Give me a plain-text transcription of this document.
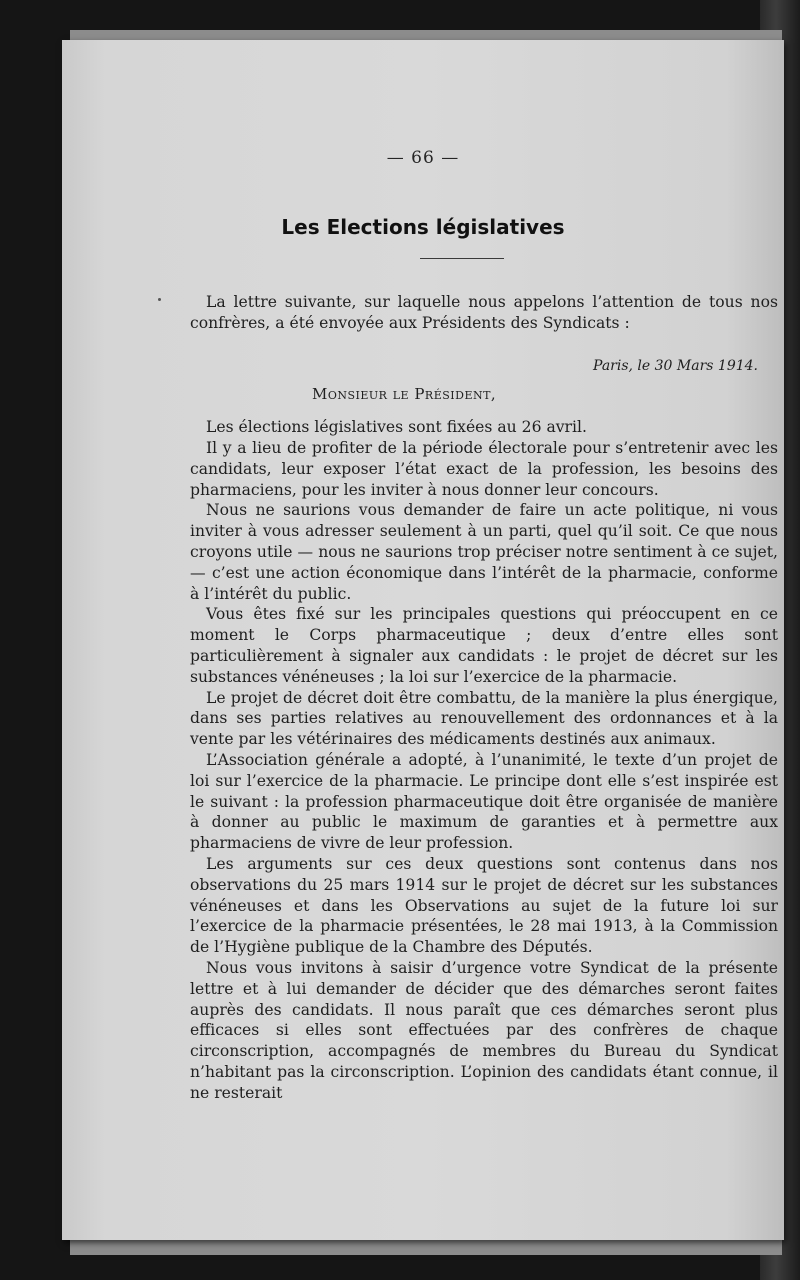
— 66 —
Les Elections législatives

La lettre suivante, sur laquelle nous appelons l’attention de tous nos confrères, a été envoyée aux Présidents des Syndicats :

Paris, le 30 Mars 1914.

Monsieur le Président,

Les élections législatives sont fixées au 26 avril.

Il y a lieu de profiter de la période électorale pour s’entretenir avec les candidats, leur exposer l’état exact de la profession, les besoins des pharmaciens, pour les inviter à nous donner leur concours.

Nous ne saurions vous demander de faire un acte politique, ni vous inviter à vous adresser seulement à un parti, quel qu’il soit. Ce que nous croyons utile — nous ne saurions trop préciser notre sentiment à ce sujet, — c’est une action économique dans l’intérêt de la pharmacie, conforme à l’intérêt du public.

Vous êtes fixé sur les principales questions qui préoccupent en ce moment le Corps pharmaceutique ; deux d’entre elles sont particulièrement à signaler aux candidats : le projet de décret sur les substances vénéneuses ; la loi sur l’exercice de la pharmacie.

Le projet de décret doit être combattu, de la manière la plus énergique, dans ses parties relatives au renouvellement des ordonnances et à la vente par les vétérinaires des médicaments destinés aux animaux.

L’Association générale a adopté, à l’unanimité, le texte d’un projet de loi sur l’exercice de la pharmacie. Le principe dont elle s’est inspirée est le suivant : la profession pharmaceutique doit être organisée de manière à donner au public le maximum de garanties et à permettre aux pharmaciens de vivre de leur profession.

Les arguments sur ces deux questions sont contenus dans nos observations du 25 mars 1914 sur le projet de décret sur les substances vénéneuses et dans les Observations au sujet de la future loi sur l’exercice de la pharmacie présentées, le 28 mai 1913, à la Commission de l’Hygiène publique de la Chambre des Députés.

Nous vous invitons à saisir d’urgence votre Syndicat de la présente lettre et à lui demander de décider que des démarches seront faites auprès des candidats. Il nous paraît que ces démarches seront plus efficaces si elles sont effectuées par des confrères de chaque circonscription, accompagnés de membres du Bureau du Syndicat n’habitant pas la circonscription. L’opinion des candidats étant connue, il ne resterait
